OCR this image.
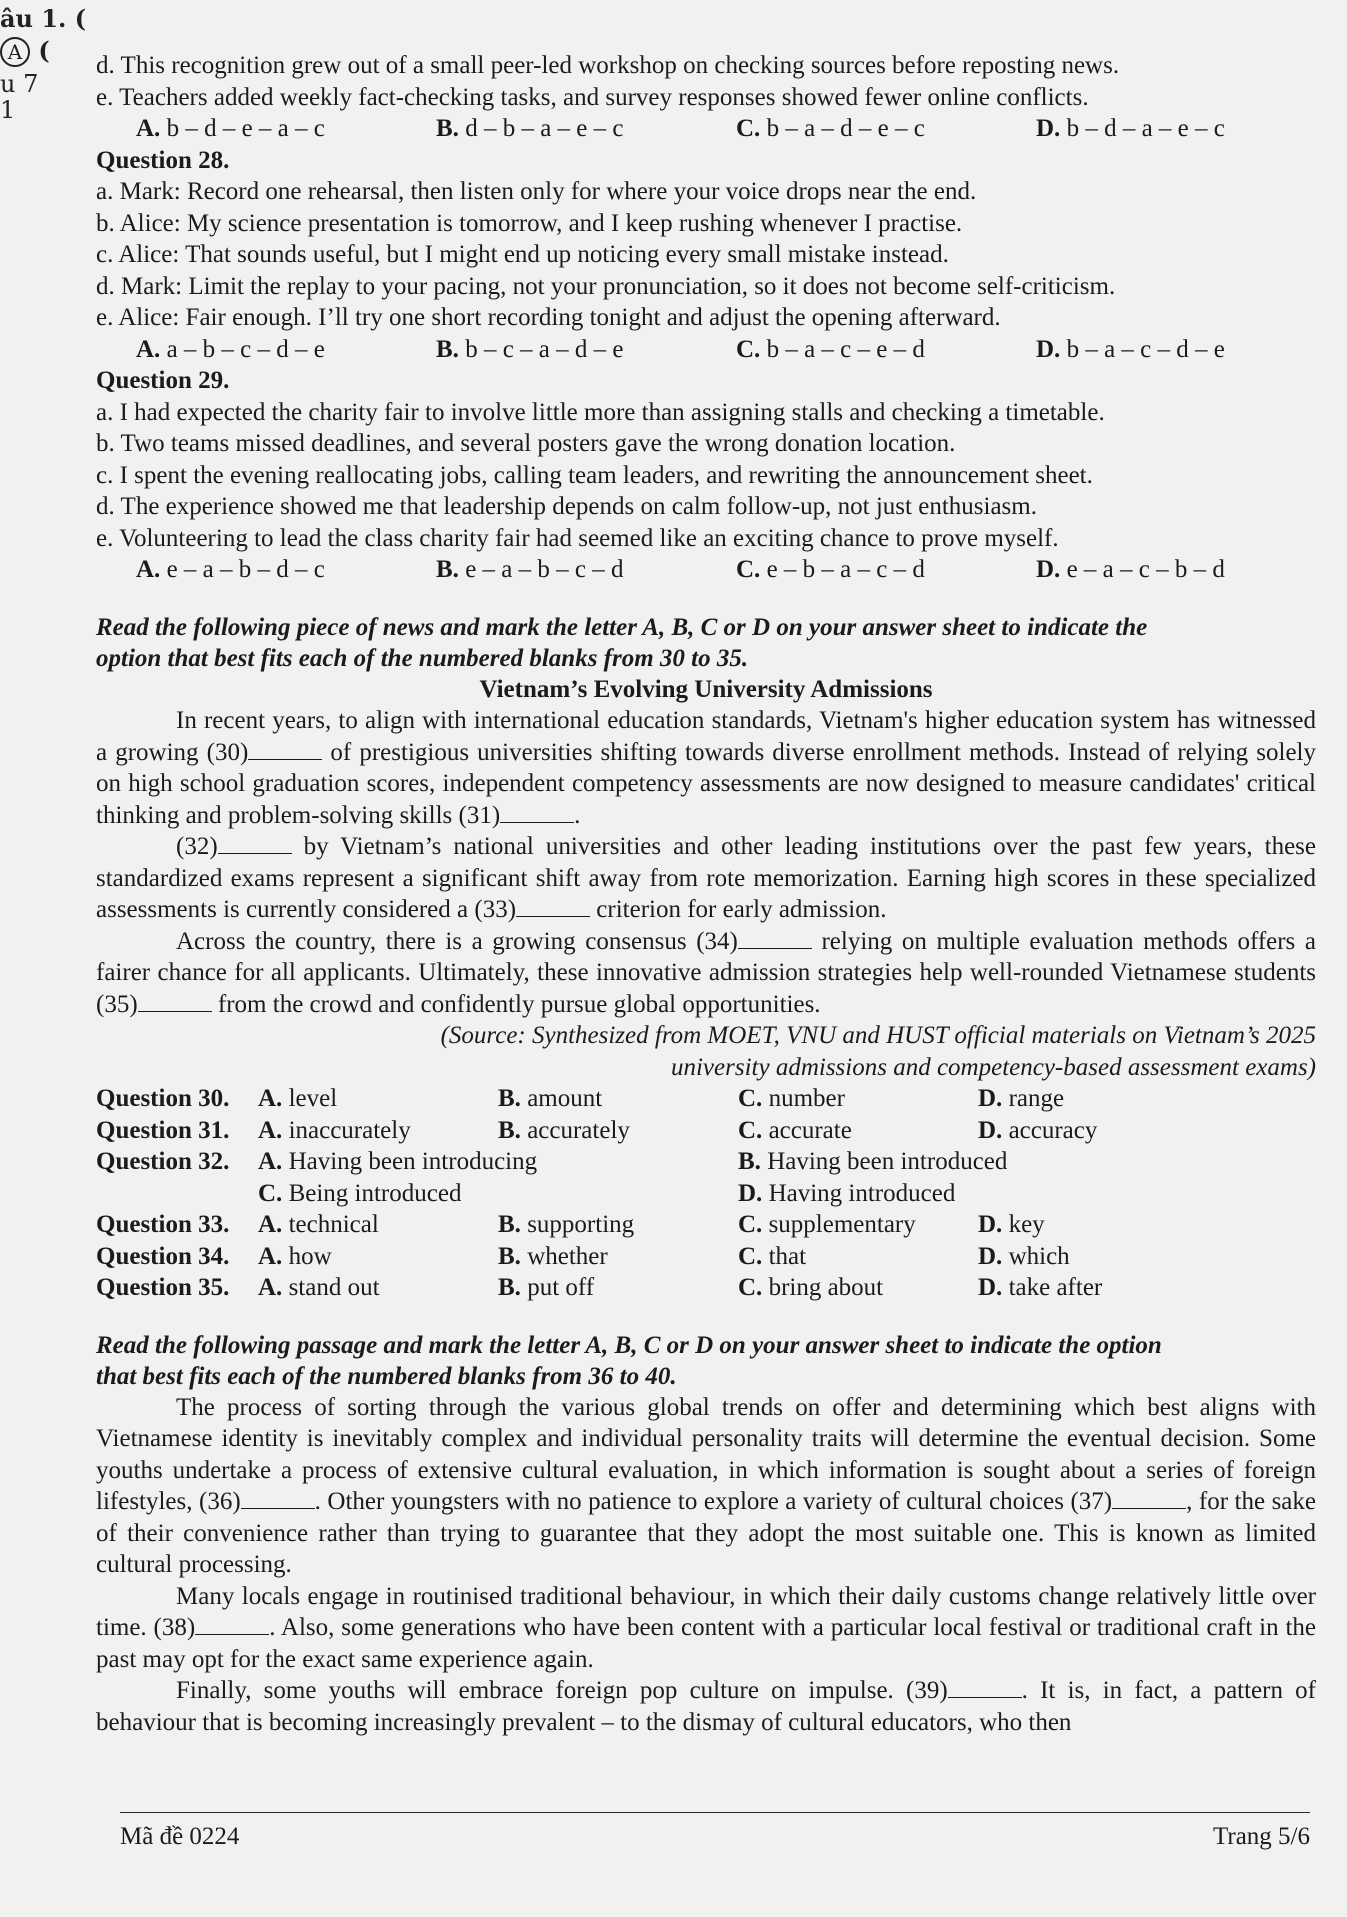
âu 1. (
A (
u 7
1
d. This recognition grew out of a small peer-led workshop on checking sources before reposting news.
e. Teachers added weekly fact-checking tasks, and survey responses showed fewer online conflicts.
A. b – d – e – a – c	B. d – b – a – e – c	C. b – a – d – e – c	D. b – d – a – e – c
Question 28.
a. Mark: Record one rehearsal, then listen only for where your voice drops near the end.
b. Alice: My science presentation is tomorrow, and I keep rushing whenever I practise.
c. Alice: That sounds useful, but I might end up noticing every small mistake instead.
d. Mark: Limit the replay to your pacing, not your pronunciation, so it does not become self-criticism.
e. Alice: Fair enough. I’ll try one short recording tonight and adjust the opening afterward.
A. a – b – c – d – e	B. b – c – a – d – e	C. b – a – c – e – d	D. b – a – c – d – e
Question 29.
a. I had expected the charity fair to involve little more than assigning stalls and checking a timetable.
b. Two teams missed deadlines, and several posters gave the wrong donation location.
c. I spent the evening reallocating jobs, calling team leaders, and rewriting the announcement sheet.
d. The experience showed me that leadership depends on calm follow-up, not just enthusiasm.
e. Volunteering to lead the class charity fair had seemed like an exciting chance to prove myself.
A. e – a – b – d – c	B. e – a – b – c – d	C. e – b – a – c – d	D. e – a – c – b – d
Read the following piece of news and mark the letter A, B, C or D on your answer sheet to indicate the
option that best fits each of the numbered blanks from 30 to 35.
Vietnam’s Evolving University Admissions
In recent years, to align with international education standards, Vietnam's higher education system has witnessed a growing (30)	of prestigious universities shifting towards diverse enrollment methods. Instead of relying solely on high school graduation scores, independent competency assessments are now designed to measure candidates' critical thinking and problem-solving skills (31)	.
(32)	by Vietnam’s national universities and other leading institutions over the past few years, these standardized exams represent a significant shift away from rote memorization. Earning high scores in these specialized assessments is currently considered a (33)	criterion for early admission.
Across the country, there is a growing consensus (34)	relying on multiple evaluation methods offers a fairer chance for all applicants. Ultimately, these innovative admission strategies help well-rounded Vietnamese students (35)	from the crowd and confidently pursue global opportunities.
(Source: Synthesized from MOET, VNU and HUST official materials on Vietnam’s 2025
university admissions and competency-based assessment exams)
Question 30.	A. level	B. amount	C. number	D. range
Question 31.	A. inaccurately	B. accurately	C. accurate	D. accuracy
Question 32.	A. Having been introducing	B. Having been introduced
C. Being introduced	D. Having introduced
Question 33.	A. technical	B. supporting	C. supplementary	D. key
Question 34.	A. how	B. whether	C. that	D. which
Question 35.	A. stand out	B. put off	C. bring about	D. take after
Read the following passage and mark the letter A, B, C or D on your answer sheet to indicate the option
that best fits each of the numbered blanks from 36 to 40.
The process of sorting through the various global trends on offer and determining which best aligns with Vietnamese identity is inevitably complex and individual personality traits will determine the eventual decision. Some youths undertake a process of extensive cultural evaluation, in which information is sought about a series of foreign lifestyles, (36)	. Other youngsters with no patience to explore a variety of cultural choices (37)	, for the sake of their convenience rather than trying to guarantee that they adopt the most suitable one. This is known as limited cultural processing.
Many locals engage in routinised traditional behaviour, in which their daily customs change relatively little over time. (38)	. Also, some generations who have been content with a particular local festival or traditional craft in the past may opt for the exact same experience again.
Finally, some youths will embrace foreign pop culture on impulse. (39)	. It is, in fact, a pattern of behaviour that is becoming increasingly prevalent – to the dismay of cultural educators, who then
Mã đề 0224	Trang 5/6
